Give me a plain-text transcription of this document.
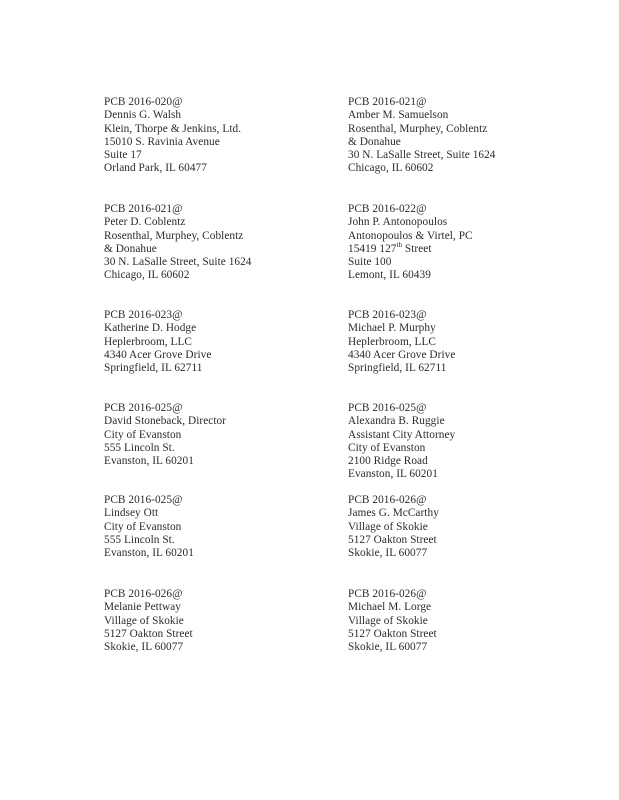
PCB 2016-020@
Dennis G. Walsh
Klein, Thorpe & Jenkins, Ltd.
15010 S. Ravinia Avenue
Suite 17
Orland Park, IL 60477
PCB 2016-021@
Amber M. Samuelson
Rosenthal, Murphey, Coblentz
& Donahue
30 N. LaSalle Street, Suite 1624
Chicago, IL 60602
PCB 2016-021@
Peter D. Coblentz
Rosenthal, Murphey, Coblentz
& Donahue
30 N. LaSalle Street, Suite 1624
Chicago, IL 60602
PCB 2016-022@
John P. Antonopoulos
Antonopoulos & Virtel, PC
15419 127th Street
Suite 100
Lemont, IL 60439
PCB 2016-023@
Katherine D. Hodge
Heplerbroom, LLC
4340 Acer Grove Drive
Springfield, IL 62711
PCB 2016-023@
Michael P. Murphy
Heplerbroom, LLC
4340 Acer Grove Drive
Springfield, IL 62711
PCB 2016-025@
David Stoneback, Director
City of Evanston
555 Lincoln St.
Evanston, IL 60201
PCB 2016-025@
Alexandra B. Ruggie
Assistant City Attorney
City of Evanston
2100 Ridge Road
Evanston, IL 60201
PCB 2016-025@
Lindsey Ott
City of Evanston
555 Lincoln St.
Evanston, IL 60201
PCB 2016-026@
James G. McCarthy
Village of Skokie
5127 Oakton Street
Skokie, IL 60077
PCB 2016-026@
Melanie Pettway
Village of Skokie
5127 Oakton Street
Skokie, IL 60077
PCB 2016-026@
Michael M. Lorge
Village of Skokie
5127 Oakton Street
Skokie, IL 60077
